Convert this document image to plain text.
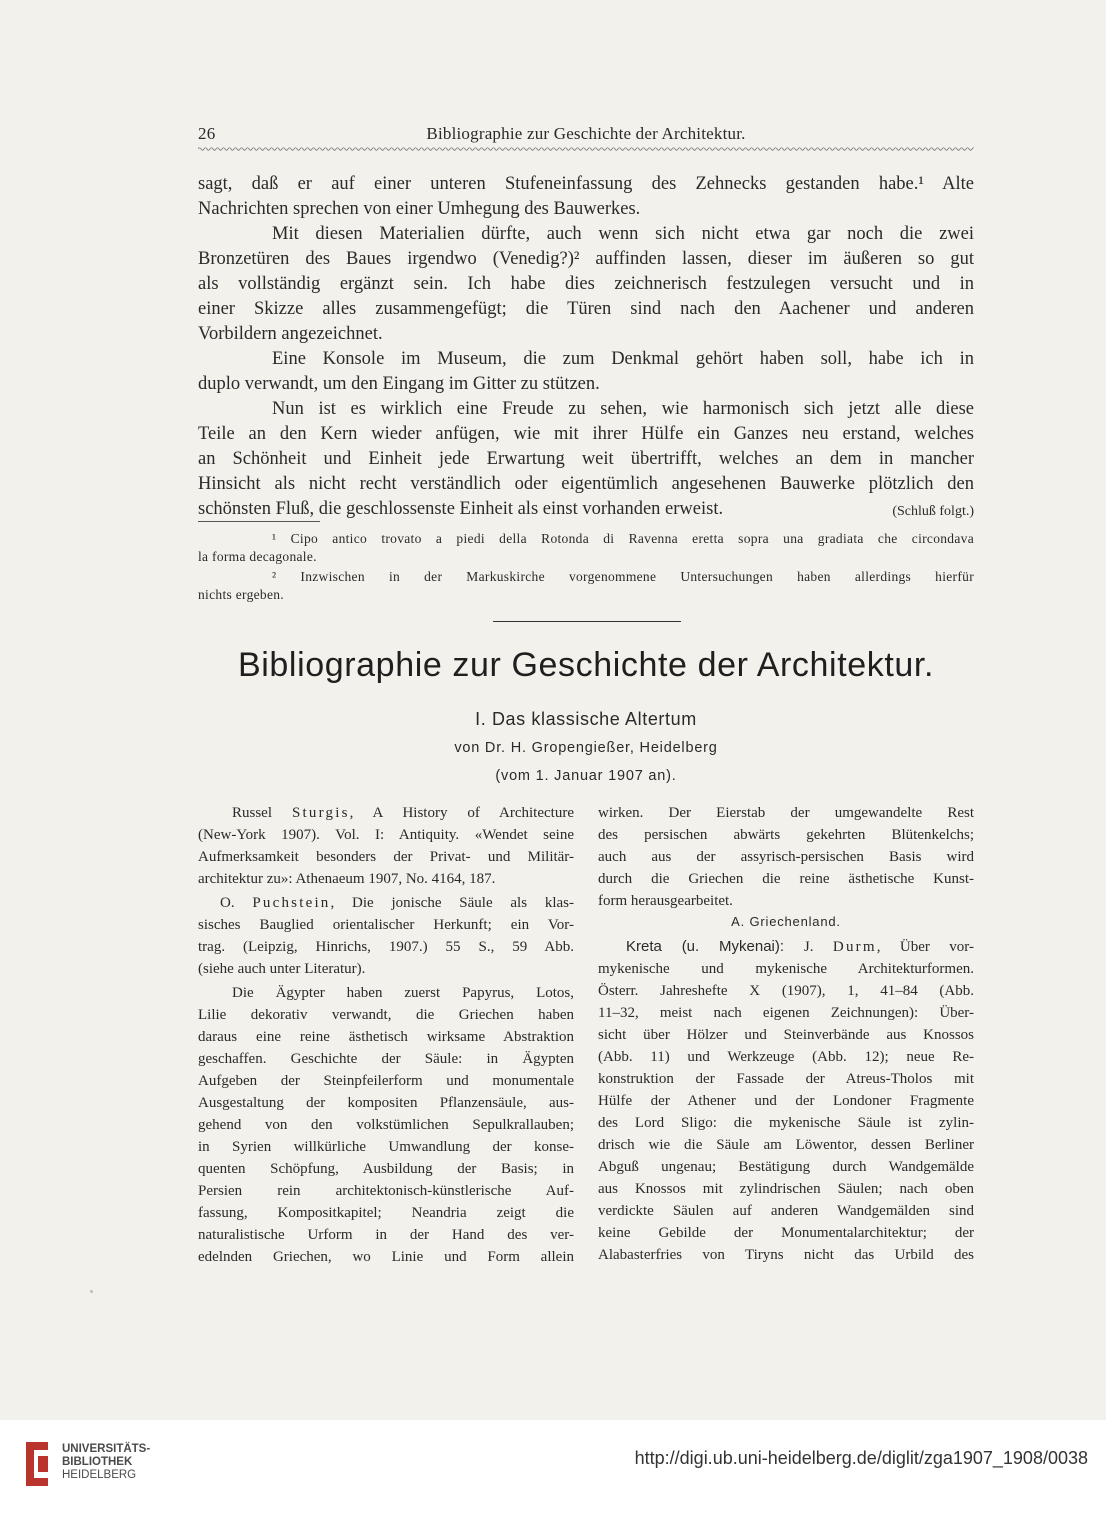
26	Bibliographie zur Geschichte der Architektur.
sagt, daß er auf einer unteren Stufeneinfassung des Zehnecks gestanden habe.¹ Alte
Nachrichten sprechen von einer Umhegung des Bauwerkes.
Mit diesen Materialien dürfte, auch wenn sich nicht etwa gar noch die zwei
Bronzetüren des Baues irgendwo (Venedig?)² auffinden lassen, dieser im äußeren so gut
als vollständig ergänzt sein. Ich habe dies zeichnerisch festzulegen versucht und in
einer Skizze alles zusammengefügt; die Türen sind nach den Aachener und anderen
Vorbildern angezeichnet.
Eine Konsole im Museum, die zum Denkmal gehört haben soll, habe ich in
duplo verwandt, um den Eingang im Gitter zu stützen.
Nun ist es wirklich eine Freude zu sehen, wie harmonisch sich jetzt alle diese
Teile an den Kern wieder anfügen, wie mit ihrer Hülfe ein Ganzes neu erstand, welches
an Schönheit und Einheit jede Erwartung weit übertrifft, welches an dem in mancher
Hinsicht als nicht recht verständlich oder eigentümlich angesehenen Bauwerke plötzlich den
schönsten Fluß, die geschlossenste Einheit als einst vorhanden erweist.	(Schluß folgt.)
¹ Cipo antico trovato a piedi della Rotonda di Ravenna eretta sopra una gradiata che circondava
la forma decagonale.
² Inzwischen in der Markuskirche vorgenommene Untersuchungen haben allerdings hierfür
nichts ergeben.
Bibliographie zur Geschichte der Architektur.
I. Das klassische Altertum
von Dr. H. Gropengießer, Heidelberg
(vom 1. Januar 1907 an).
Russel Sturgis, A History of Architecture
(New-York 1907). Vol. I: Antiquity. «Wendet seine
Aufmerksamkeit besonders der Privat- und Militär-
architektur zu»: Athenaeum 1907, No. 4164, 187.
O. Puchstein, Die jonische Säule als klas-
sisches Bauglied orientalischer Herkunft; ein Vor-
trag. (Leipzig, Hinrichs, 1907.) 55 S., 59 Abb.
(siehe auch unter Literatur).
Die Ägypter haben zuerst Papyrus, Lotos,
Lilie dekorativ verwandt, die Griechen haben
daraus eine reine ästhetisch wirksame Abstraktion
geschaffen. Geschichte der Säule: in Ägypten
Aufgeben der Steinpfeilerform und monumentale
Ausgestaltung der kompositen Pflanzensäule, aus-
gehend von den volkstümlichen Sepulkrallauben;
in Syrien willkürliche Umwandlung der konse-
quenten Schöpfung, Ausbildung der Basis; in
Persien rein architektonisch-künstlerische Auf-
fassung, Kompositkapitel; Neandria zeigt die
naturalistische Urform in der Hand des ver-
edelnden Griechen, wo Linie und Form allein
wirken. Der Eierstab der umgewandelte Rest
des persischen abwärts gekehrten Blütenkelchs;
auch aus der assyrisch-persischen Basis wird
durch die Griechen die reine ästhetische Kunst-
form herausgearbeitet.
A. Griechenland.
Kreta (u. Mykenai): J. Durm, Über vor-
mykenische und mykenische Architekturformen.
Österr. Jahreshefte X (1907), 1, 41–84 (Abb.
11–32, meist nach eigenen Zeichnungen): Über-
sicht über Hölzer und Steinverbände aus Knossos
(Abb. 11) und Werkzeuge (Abb. 12); neue Re-
konstruktion der Fassade der Atreus-Tholos mit
Hülfe der Athener und der Londoner Fragmente
des Lord Sligo: die mykenische Säule ist zylin-
drisch wie die Säule am Löwentor, dessen Berliner
Abguß ungenau; Bestätigung durch Wandgemälde
aus Knossos mit zylindrischen Säulen; nach oben
verdickte Säulen auf anderen Wandgemälden sind
keine Gebilde der Monumentalarchitektur; der
Alabasterfries von Tiryns nicht das Urbild des
UNIVERSITÄTS-
BIBLIOTHEK
HEIDELBERG
http://digi.ub.uni-heidelberg.de/diglit/zga1907_1908/0038
